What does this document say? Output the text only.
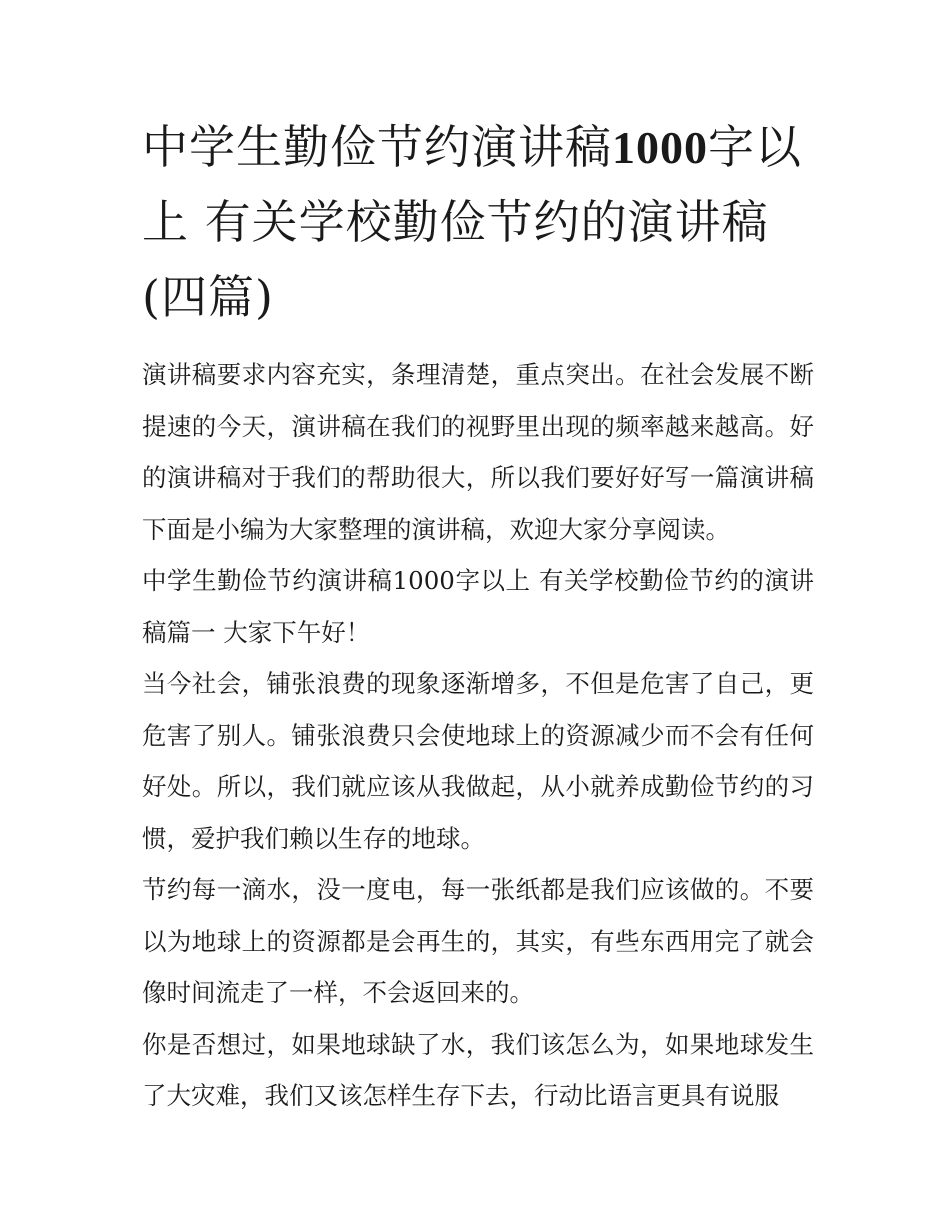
中学生勤俭节约演讲稿1000字以上 有关学校勤俭节约的演讲稿(四篇)

演讲稿要求内容充实，条理清楚，重点突出。在社会发展不断提速的今天，演讲稿在我们的视野里出现的频率越来越高。好的演讲稿对于我们的帮助很大，所以我们要好好写一篇演讲稿下面是小编为大家整理的演讲稿，欢迎大家分享阅读。

中学生勤俭节约演讲稿1000字以上 有关学校勤俭节约的演讲稿篇一 大家下午好！

当今社会，铺张浪费的现象逐渐增多，不但是危害了自己，更危害了别人。铺张浪费只会使地球上的资源减少而不会有任何好处。所以，我们就应该从我做起，从小就养成勤俭节约的习惯，爱护我们赖以生存的地球。

节约每一滴水，没一度电，每一张纸都是我们应该做的。不要以为地球上的资源都是会再生的，其实，有些东西用完了就会像时间流走了一样，不会返回来的。

你是否想过，如果地球缺了水，我们该怎么为，如果地球发生了大灾难，我们又该怎样生存下去，行动比语言更具有说服
